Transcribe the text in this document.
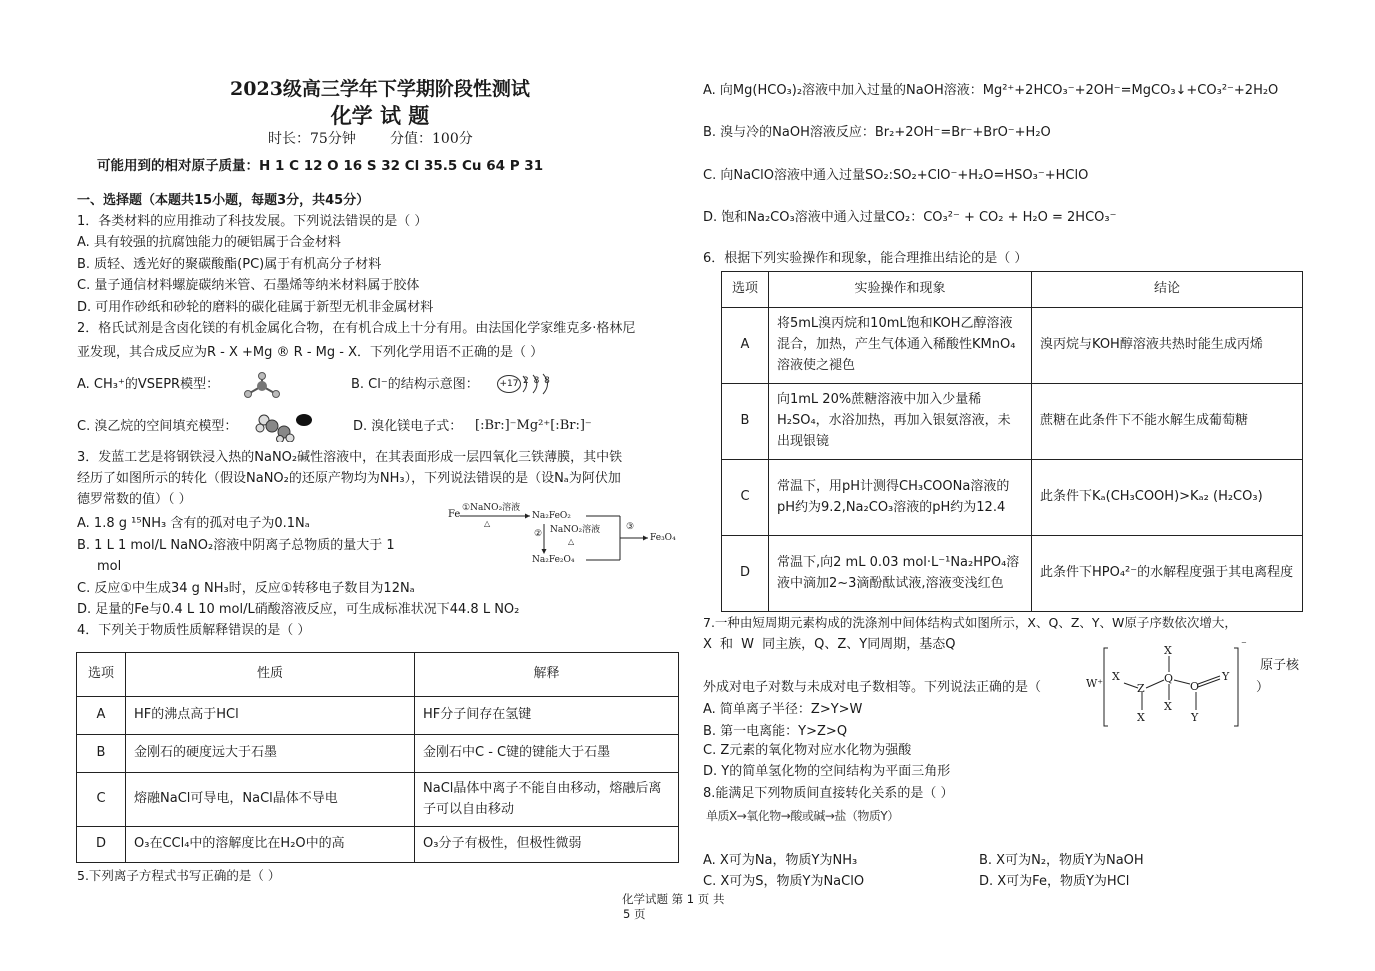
2023级高三学年下学期阶段性测试
化学 试 题
时长：75分钟 分值：100分
可能用到的相对原子质量：H 1 C 12 O 16 S 32 Cl 35.5 Cu 64 P 31
一、选择题（本题共15小题，每题3分，共45分）
1．各类材料的应用推动了科技发展。下列说法错误的是（ ）
A. 具有较强的抗腐蚀能力的硬铝属于合金材料
B. 质轻、透光好的聚碳酸酯(PC)属于有机高分子材料
C. 量子通信材料螺旋碳纳米管、石墨烯等纳米材料属于胶体
D. 可用作砂纸和砂轮的磨料的碳化硅属于新型无机非金属材料
2．格氏试剂是含卤化镁的有机金属化合物，在有机合成上十分有用。由法国化学家维克多·格林尼
亚发现，其合成反应为R - X +Mg ® R - Mg - X．下列化学用语不正确的是（ ）
A. CH₃⁺的VSEPR模型：	B. Cl⁻的结构示意图： +17 2 8 8
C. 溴乙烷的空间填充模型：	D. 溴化镁电子式： [:Br:]⁻Mg²⁺[:Br:]⁻
3．发蓝工艺是将钢铁浸入热的NaNO₂碱性溶液中，在其表面形成一层四氧化三铁薄膜，其中铁
经历了如图所示的转化（假设NaNO₂的还原产物均为NH₃），下列说法错误的是（设Nₐ为阿伏加
德罗常数的值）（ ）
A. 1.8 g ¹⁵NH₃ 含有的孤对电子为0.1Nₐ
B. 1 L 1 mol/L NaNO₂溶液中阴离子总物质的量大于 1
mol
C. 反应①中生成34 g NH₃时，反应①转移电子数目为12Nₐ
D. 足量的Fe与0.4 L 10 mol/L硝酸溶液反应，可生成标准状况下44.8 L NO₂
Fe
①NaNO₂溶液
△
Na₂FeO₂
② NaNO₂溶液
△
Na₂Fe₂O₄
③
Fe₃O₄
4．下列关于物质性质解释错误的是（ ）
选项	性质	解释
A	HF的沸点高于HCl	HF分子间存在氢键
B	金刚石的硬度远大于石墨	金刚石中C - C键的键能大于石墨
C	熔融NaCl可导电，NaCl晶体不导电	NaCl晶体中离子不能自由移动，熔融后离子可以自由移动
D	O₃在CCl₄中的溶解度比在H₂O中的高	O₃分子有极性，但极性微弱
5.下列离子方程式书写正确的是（ ）
A. 向Mg(HCO₃)₂溶液中加入过量的NaOH溶液：Mg²⁺+2HCO₃⁻+2OH⁻=MgCO₃↓+CO₃²⁻+2H₂O
B. 溴与冷的NaOH溶液反应：Br₂+2OH⁻=Br⁻+BrO⁻+H₂O
C. 向NaClO溶液中通入过量SO₂:SO₂+ClO⁻+H₂O=HSO₃⁻+HClO
D. 饱和Na₂CO₃溶液中通入过量CO₂：CO₃²⁻ + CO₂ + H₂O = 2HCO₃⁻
6．根据下列实验操作和现象，能合理推出结论的是（ ）
选项	实验操作和现象	结论
A	将5mL溴丙烷和10mL饱和KOH乙醇溶液混合，加热，产生气体通入稀酸性KMnO₄溶液使之褪色	溴丙烷与KOH醇溶液共热时能生成丙烯
B	向1mL 20%蔗糖溶液中加入少量稀H₂SO₄，水浴加热，再加入银氨溶液，未出现银镜	蔗糖在此条件下不能水解生成葡萄糖
C	常温下，用pH计测得CH₃COONa溶液的pH约为9.2,Na₂CO₃溶液的pH约为12.4	此条件下Kₐ(CH₃COOH)>Kₐ₂ (H₂CO₃)
D	常温下,向2 mL 0.03 mol·L⁻¹Na₂HPO₄溶液中滴加2~3滴酚酞试液,溶液变浅红色	此条件下HPO₄²⁻的水解程度强于其电离程度
7.一种由短周期元素构成的洗涤剂中间体结构式如图所示，X、Q、Z、Y、W原子序数依次增大，
X 和 W 同主族，Q、Z、Y同周期，基态Q
外成对电子对数与未成对电子数相等。下列说法正确的是（
原子核
）
W⁺
⁻
X
Z
X
X
Q
X
O
Y
Y
A. 简单离子半径：Z>Y>W
B. 第一电离能：Y>Z>Q
C. Z元素的氧化物对应水化物为强酸
D. Y的简单氢化物的空间结构为平面三角形
8.能满足下列物质间直接转化关系的是（ ）
单质X→氧化物→酸或碱→盐（物质Y）
A. X可为Na，物质Y为NH₃	B. X可为N₂，物质Y为NaOH
C. X可为S，物质Y为NaClO	D. X可为Fe，物质Y为HCl
化学试题 第 1 页 共
5 页
